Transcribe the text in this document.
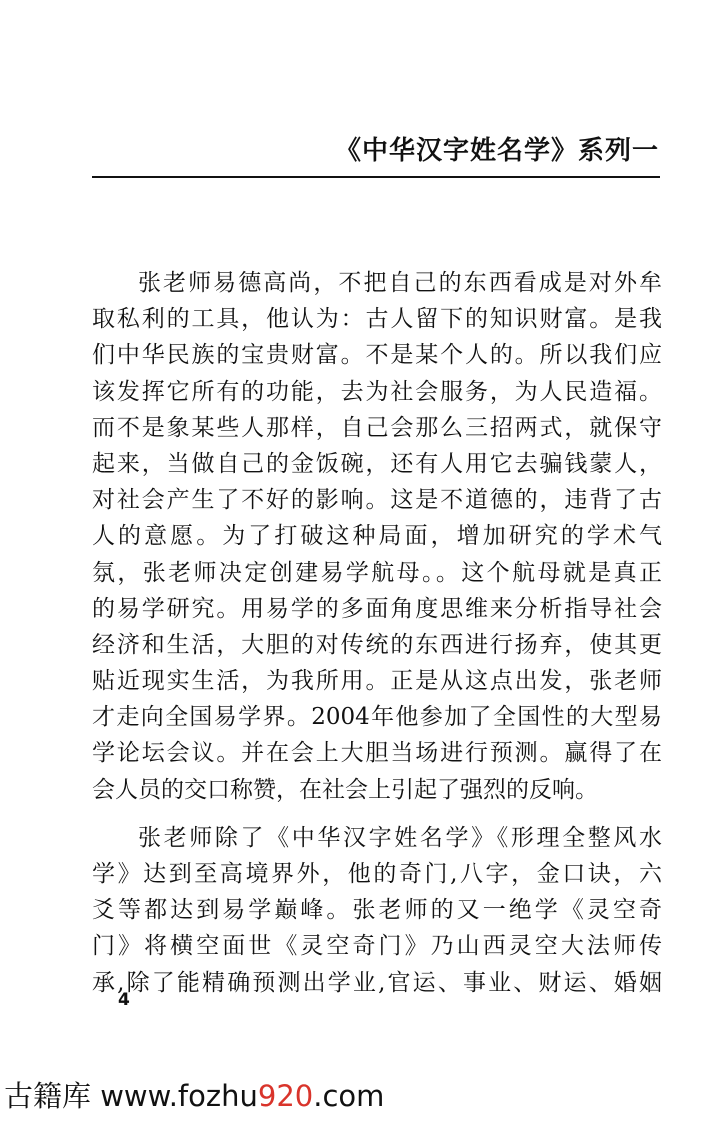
《中华汉字姓名学》系列一
张老师易德高尚，不把自己的东西看成是对外牟
取私利的工具，他认为：古人留下的知识财富。是我
们中华民族的宝贵财富。不是某个人的。所以我们应
该发挥它所有的功能，去为社会服务，为人民造福。
而不是象某些人那样，自己会那么三招两式，就保守
起来，当做自己的金饭碗，还有人用它去骗钱蒙人，
对社会产生了不好的影响。这是不道德的，违背了古
人的意愿。为了打破这种局面，增加研究的学术气
氛，张老师决定创建易学航母。。这个航母就是真正
的易学研究。用易学的多面角度思维来分析指导社会
经济和生活，大胆的对传统的东西进行扬弃，使其更
贴近现实生活，为我所用。正是从这点出发，张老师
才走向全国易学界。2004年他参加了全国性的大型易
学论坛会议。并在会上大胆当场进行预测。赢得了在
会人员的交口称赞，在社会上引起了强烈的反响。
张老师除了《中华汉字姓名学》《形理全整风水
学》达到至高境界外，他的奇门,八字，金口诀，六
爻等都达到易学巅峰。张老师的又一绝学《灵空奇
门》将横空面世《灵空奇门》乃山西灵空大法师传
承,除了能精确预测出学业,官运、事业、财运、婚姻
4
古籍库 www.fozhu920.com
